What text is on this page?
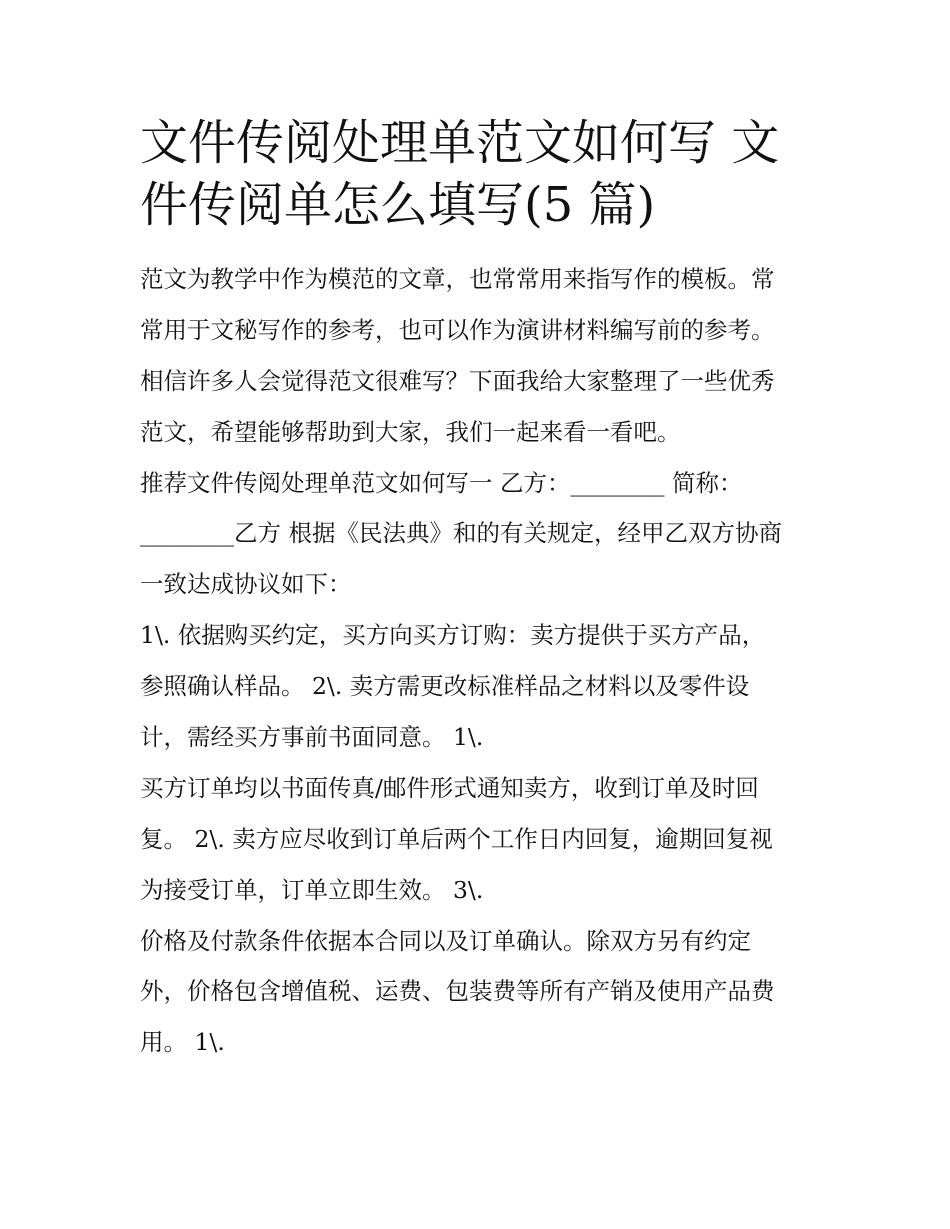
文件传阅处理单范文如何写 文
件传阅单怎么填写(5 篇)
范文为教学中作为模范的文章，也常常用来指写作的模板。常
常用于文秘写作的参考，也可以作为演讲材料编写前的参考。
相信许多人会觉得范文很难写？下面我给大家整理了一些优秀
范文，希望能够帮助到大家，我们一起来看一看吧。
推荐文件传阅处理单范文如何写一 乙方：________ 简称：
________乙方 根据《民法典》和的有关规定，经甲乙双方协商
一致达成协议如下：
1\. 依据购买约定，买方向买方订购：卖方提供于买方产品，
参照确认样品。 2\. 卖方需更改标准样品之材料以及零件设
计，需经买方事前书面同意。 1\.
买方订单均以书面传真/邮件形式通知卖方，收到订单及时回
复。 2\. 卖方应尽收到订单后两个工作日内回复，逾期回复视
为接受订单，订单立即生效。 3\.
价格及付款条件依据本合同以及订单确认。除双方另有约定
外，价格包含增值税、运费、包装费等所有产销及使用产品费
用。 1\.
